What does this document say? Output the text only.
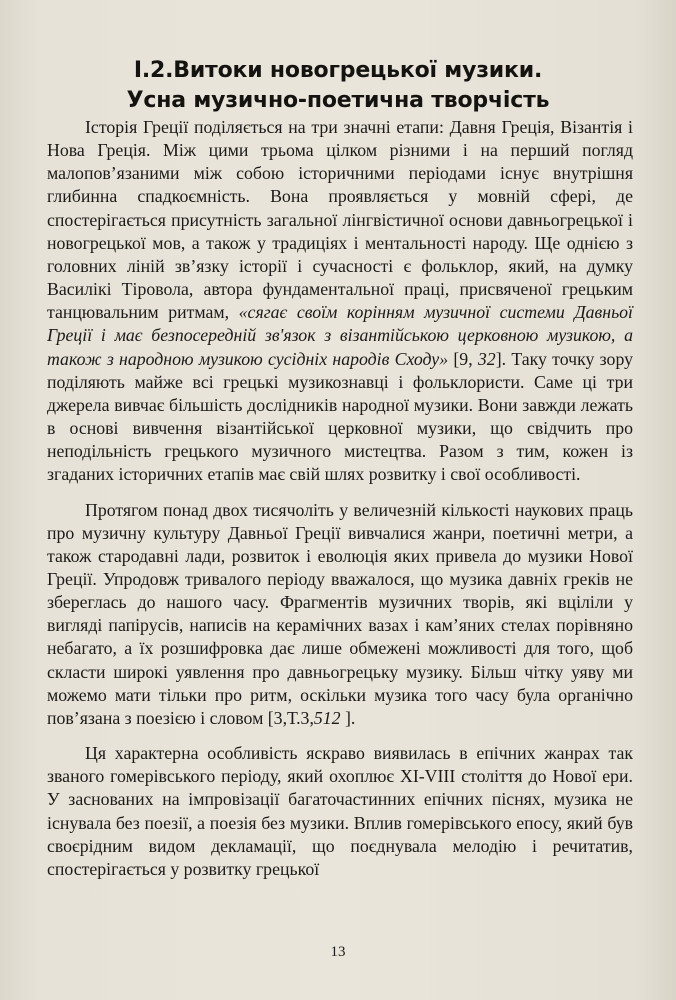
І.2.Витоки новогрецької музики.
Усна музично-поетична творчість

Історія Греції поділяється на три значні етапи: Давня Греція, Візантія і Нова Греція. Між цими трьома цілком різними і на перший погляд малопов’язаними між собою історичними періодами існує внутрішня глибинна спадкоємність. Вона проявляється у мовній сфері, де спостерігається присутність загальної лінгвістичної основи давньогрецької і новогрецької мов, а також у традиціях і ментальності народу. Ще однією з головних ліній зв’язку історії і сучасності є фольклор, який, на думку Василікі Тіровола, автора фундаментальної праці, присвяченої грецьким танцювальним ритмам, «сягає своїм корінням музичної системи Давньої Греції і має безпосередній зв'язок з візантійською церковною музикою, а також з народною музикою сусідніх народів Сходу» [9, 32]. Таку точку зору поділяють майже всі грецькі музикознавці і фольклористи. Саме ці три джерела вивчає більшість дослідників народної музики. Вони завжди лежать в основі вивчення візантійської церковної музики, що свідчить про неподільність грецького музичного мистецтва. Разом з тим, кожен із згаданих історичних етапів має свій шлях розвитку і свої особливості.

Протягом понад двох тисячоліть у величезній кількості наукових праць про музичну культуру Давньої Греції вивчалися жанри, поетичні метри, а також стародавні лади, розвиток і еволюція яких привела до музики Нової Греції. Упродовж тривалого періоду вважалося, що музика давніх греків не збереглась до нашого часу. Фрагментів музичних творів, які вціліли у вигляді папірусів, написів на керамічних вазах і кам’яних стелах порівняно небагато, а їх розшифровка дає лише обмежені можливості для того, щоб скласти широкі уявлення про давньогрецьку музику. Більш чітку уяву ми можемо мати тільки про ритм, оскільки музика того часу була органічно пов’язана з поезією і словом [3,Т.3,512 ].

Ця характерна особливість яскраво виявилась в епічних жанрах так званого гомерівського періоду, який охоплює XI-VIII століття до Нової ери. У заснованих на імпровізації багаточастинних епічних піснях, музика не існувала без поезії, а поезія без музики. Вплив гомерівського епосу, який був своєрідним видом декламації, що поєднувала мелодію і речитатив, спостерігається у розвитку грецької

13
